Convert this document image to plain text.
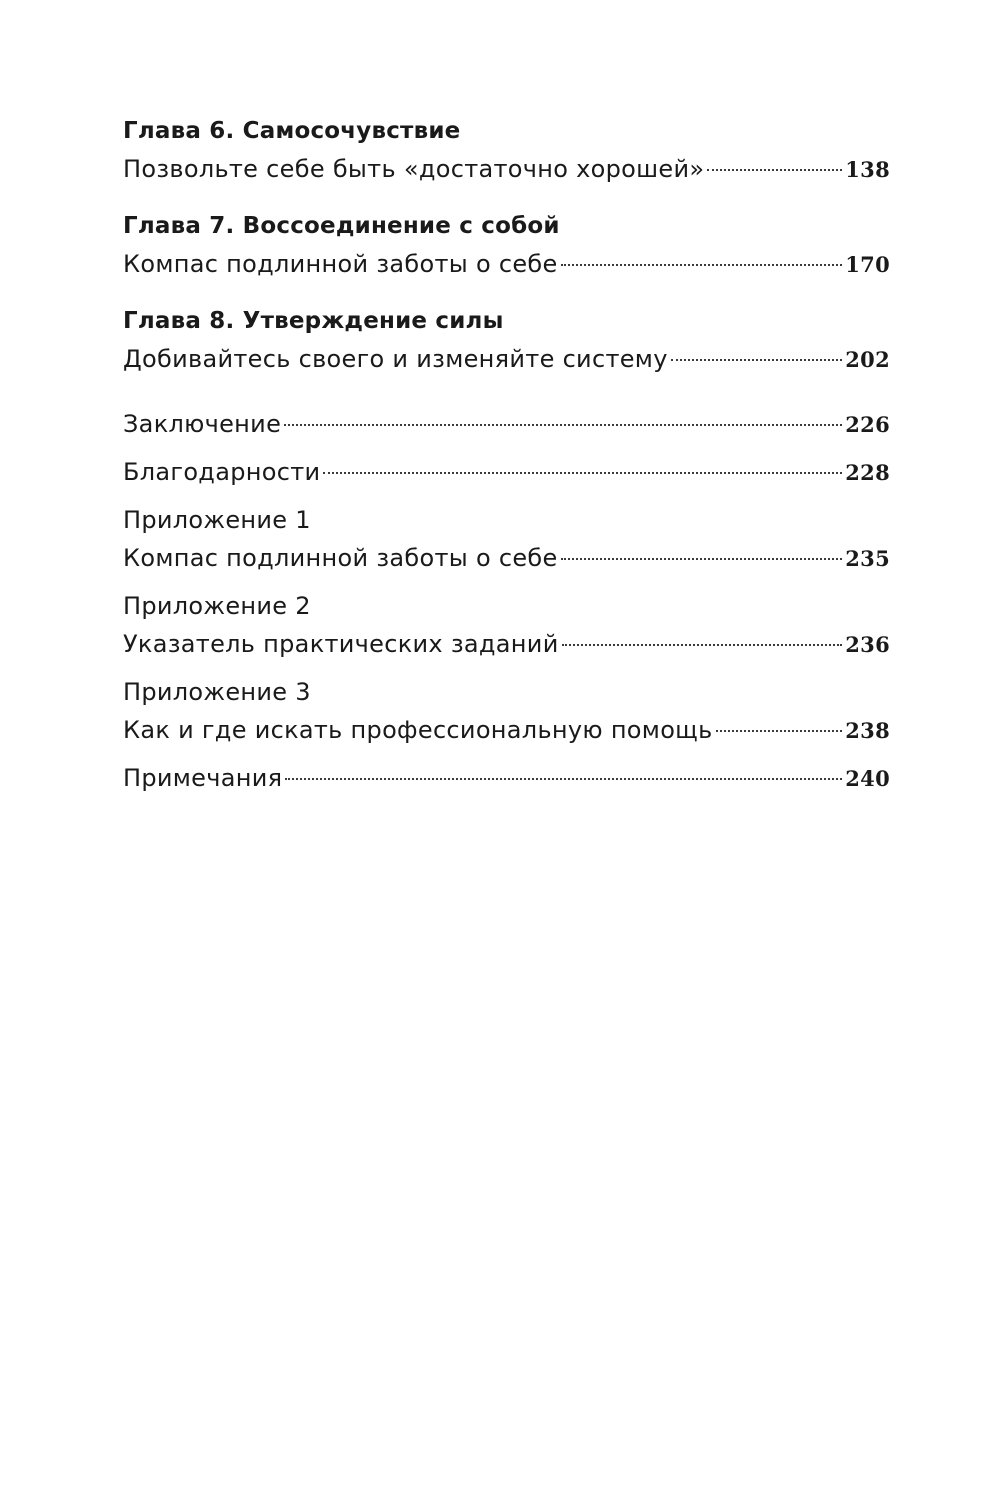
Глава 6. Самосочувствие
Позвольте себе быть «достаточно хорошей»	138
Глава 7. Воссоединение с собой
Компас подлинной заботы о себе	170
Глава 8. Утверждение силы
Добивайтесь своего и изменяйте систему	202
Заключение	226
Благодарности	228
Приложение 1
Компас подлинной заботы о себе	235
Приложение 2
Указатель практических заданий	236
Приложение 3
Как и где искать профессиональную помощь	238
Примечания	240
